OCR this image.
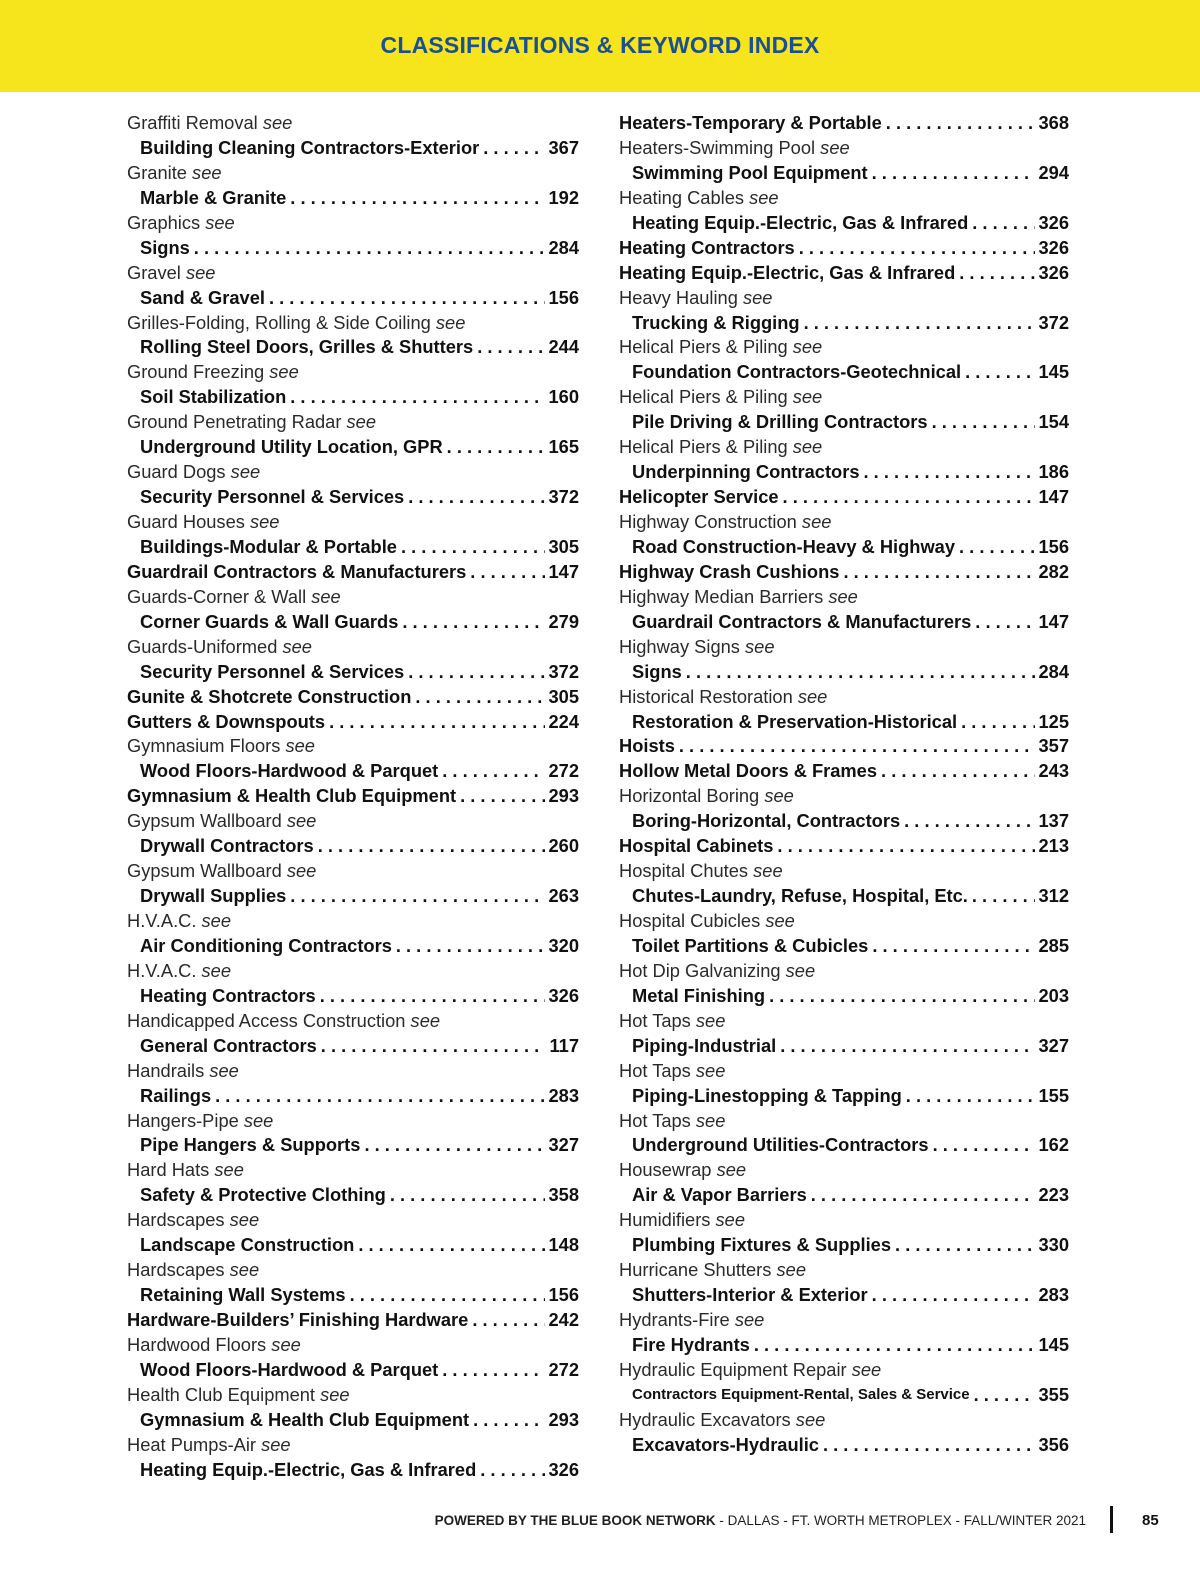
CLASSIFICATIONS & KEYWORD INDEX
Graffiti Removal see
Building Cleaning Contractors-Exterior . . .	367
Granite see
Marble & Granite . . .	192
Graphics see
Signs . . .	284
Gravel see
Sand & Gravel . . .	156
Grilles-Folding, Rolling & Side Coiling see
Rolling Steel Doors, Grilles & Shutters . . .	244
Ground Freezing see
Soil Stabilization . . .	160
Ground Penetrating Radar see
Underground Utility Location, GPR . . .	165
Guard Dogs see
Security Personnel & Services . . .	372
Guard Houses see
Buildings-Modular & Portable . . .	305
Guardrail Contractors & Manufacturers . . .	147
Guards-Corner & Wall see
Corner Guards & Wall Guards . . .	279
Guards-Uniformed see
Security Personnel & Services . . .	372
Gunite & Shotcrete Construction . . .	305
Gutters & Downspouts . . .	224
Gymnasium Floors see
Wood Floors-Hardwood & Parquet . . .	272
Gymnasium & Health Club Equipment . . .	293
Gypsum Wallboard see
Drywall Contractors . . .	260
Gypsum Wallboard see
Drywall Supplies . . .	263
H.V.A.C. see
Air Conditioning Contractors . . .	320
H.V.A.C. see
Heating Contractors . . .	326
Handicapped Access Construction see
General Contractors . . .	117
Handrails see
Railings . . .	283
Hangers-Pipe see
Pipe Hangers & Supports . . .	327
Hard Hats see
Safety & Protective Clothing . . .	358
Hardscapes see
Landscape Construction . . .	148
Hardscapes see
Retaining Wall Systems . . .	156
Hardware-Builders’ Finishing Hardware . . .	242
Hardwood Floors see
Wood Floors-Hardwood & Parquet . . .	272
Health Club Equipment see
Gymnasium & Health Club Equipment . . .	293
Heat Pumps-Air see
Heating Equip.-Electric, Gas & Infrared . . .	326
Heaters-Temporary & Portable . . .	368
Heaters-Swimming Pool see
Swimming Pool Equipment . . .	294
Heating Cables see
Heating Equip.-Electric, Gas & Infrared . . .	326
Heating Contractors . . .	326
Heating Equip.-Electric, Gas & Infrared . . .	326
Heavy Hauling see
Trucking & Rigging . . .	372
Helical Piers & Piling see
Foundation Contractors-Geotechnical . . .	145
Helical Piers & Piling see
Pile Driving & Drilling Contractors . . .	154
Helical Piers & Piling see
Underpinning Contractors . . .	186
Helicopter Service . . .	147
Highway Construction see
Road Construction-Heavy & Highway . . .	156
Highway Crash Cushions . . .	282
Highway Median Barriers see
Guardrail Contractors & Manufacturers . . .	147
Highway Signs see
Signs . . .	284
Historical Restoration see
Restoration & Preservation-Historical . . .	125
Hoists . . .	357
Hollow Metal Doors & Frames . . .	243
Horizontal Boring see
Boring-Horizontal, Contractors . . .	137
Hospital Cabinets . . .	213
Hospital Chutes see
Chutes-Laundry, Refuse, Hospital, Etc. . . .	312
Hospital Cubicles see
Toilet Partitions & Cubicles . . .	285
Hot Dip Galvanizing see
Metal Finishing . . .	203
Hot Taps see
Piping-Industrial . . .	327
Hot Taps see
Piping-Linestopping & Tapping . . .	155
Hot Taps see
Underground Utilities-Contractors . . .	162
Housewrap see
Air & Vapor Barriers . . .	223
Humidifiers see
Plumbing Fixtures & Supplies . . .	330
Hurricane Shutters see
Shutters-Interior & Exterior . . .	283
Hydrants-Fire see
Fire Hydrants . . .	145
Hydraulic Equipment Repair see
Contractors Equipment-Rental, Sales & Service . . .	355
Hydraulic Excavators see
Excavators-Hydraulic . . .	356
POWERED BY THE BLUE BOOK NETWORK - DALLAS - FT. WORTH METROPLEX - FALL/WINTER 2021	85
